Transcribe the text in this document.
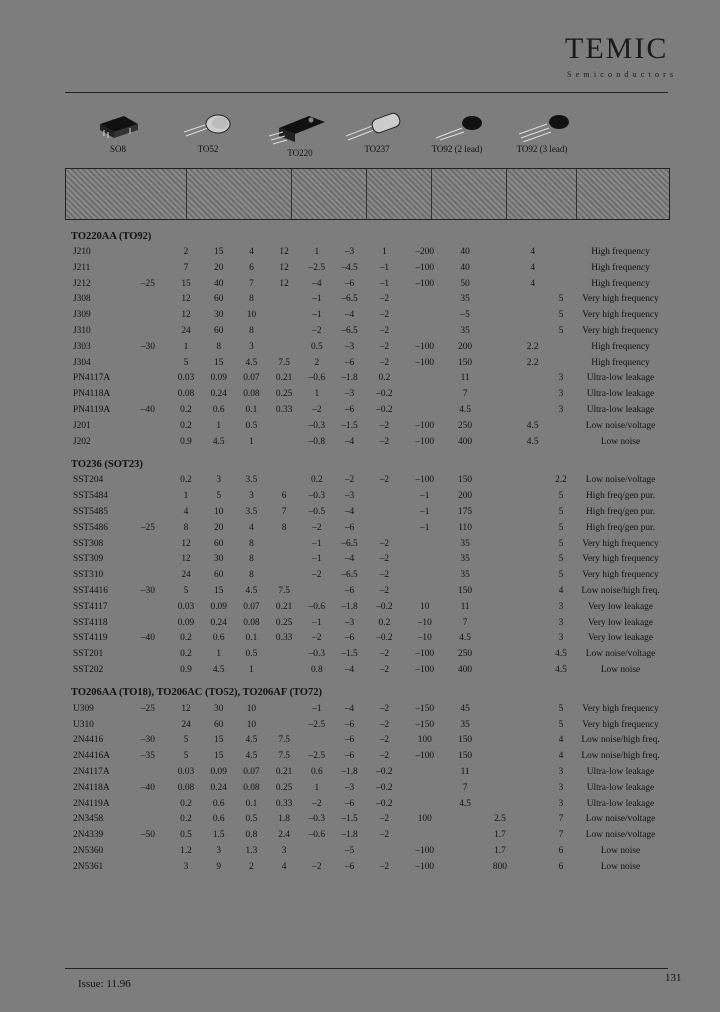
TEMIC
Semiconductors
SO8	TO52	TO220	TO237	TO92 (2 lead)	TO92 (3 lead)
TO220AA (TO92)														
J210		2	15	4	12	1	–3	1	–200	40		4		High frequency
J211		7	20	6	12	–2.5	–4.5	–1	–100	40		4		High frequency
J212	–25	15	40	7	12	–4	–6	–1	–100	50		4		High frequency
J308		12	60	8		–1	–6.5	–2		35			5	Very high frequency
J309		12	30	10		–1	–4	–2		–5			5	Very high frequency
J310		24	60	8		–2	–6.5	–2		35			5	Very high frequency
J303	–30	1	8	3		0.5	–3	–2	–100	200		2.2		High frequency
J304		5	15	4.5	7.5	2	–6	–2	–100	150		2.2		High frequency
PN4117A		0.03	0.09	0.07	0.21	–0.6	–1.8	0.2		11			3	Ultra-low leakage
PN4118A		0.08	0.24	0.08	0.25	1	–3	–0.2		7			3	Ultra-low leakage
PN4119A	–40	0.2	0.6	0.1	0.33	–2	–6	–0.2		4.5			3	Ultra-low leakage
J201		0.2	1	0.5		–0.3	–1.5	–2	–100	250		4.5		Low noise/voltage
J202		0.9	4.5	1		–0.8	–4	–2	–100	400		4.5		Low noise

TO236 (SOT23)														
SST204		0.2	3	3.5		0.2	–2	–2	–100	150			2.2	Low noise/voltage
SST5484		1	5	3	6	–0.3	–3		–1	200			5	High freq/gen pur.
SST5485		4	10	3.5	7	–0.5	–4		–1	175			5	High freq/gen pur.
SST5486	–25	8	20	4	8	–2	–6		–1	110			5	High freq/gen pur.
SST308		12	60	8		–1	–6.5	–2		35			5	Very high frequency
SST309		12	30	8		–1	–4	–2		35			5	Very high frequency
SST310		24	60	8		–2	–6.5	–2		35			5	Very high frequency
SST4416	–30	5	15	4.5	7.5		–6	–2		150			4	Low noise/high freq.
SST4117		0.03	0.09	0.07	0.21	–0.6	–1.8	–0.2	10	11			3	Very low leakage
SST4118		0.09	0.24	0.08	0.25	–1	–3	0.2	–10	7			3	Very low leakage
SST4119	–40	0.2	0.6	0.1	0.33	–2	–6	–0.2	–10	4.5			3	Very low leakage
SST201		0.2	1	0.5		–0.3	–1.5	–2	–100	250			4.5	Low noise/voltage
SST202		0.9	4.5	1		0.8	–4	–2	–100	400			4.5	Low noise

TO206AA (TO18), TO206AC (TO52), TO206AF (TO72)														
U309	–25	12	30	10		–1	–4	–2	–150	45			5	Very high frequency
U310		24	60	10		–2.5	–6	–2	–150	35			5	Very high frequency
2N4416	–30	5	15	4.5	7.5		–6	–2	100	150			4	Low noise/high freq.
2N4416A	–35	5	15	4.5	7.5	–2.5	–6	–2	–100	150			4	Low noise/high freq.
2N4117A		0.03	0.09	0.07	0.21	0.6	–1.8	–0.2		11			3	Ultra-low leakage
2N4118A	–40	0.08	0.24	0.08	0.25	1	–3	–0.2		7			3	Ultra-low leakage
2N4119A		0.2	0.6	0.1	0.33	–2	–6	–0.2		4.5			3	Ultra-low leakage
2N3458		0.2	0.6	0.5	1.8	–0.3	–1.5	–2	100		2.5		7	Low noise/voltage
2N4339	–50	0.5	1.5	0.8	2.4	–0.6	–1.8	–2			1.7		7	Low noise/voltage
2N5360		1.2	3	1.3	3		–5		–100		1.7		6	Low noise
2N5361		3	9	2	4	–2	–6	–2	–100		800		6	Low noise
Issue: 11.96	131
